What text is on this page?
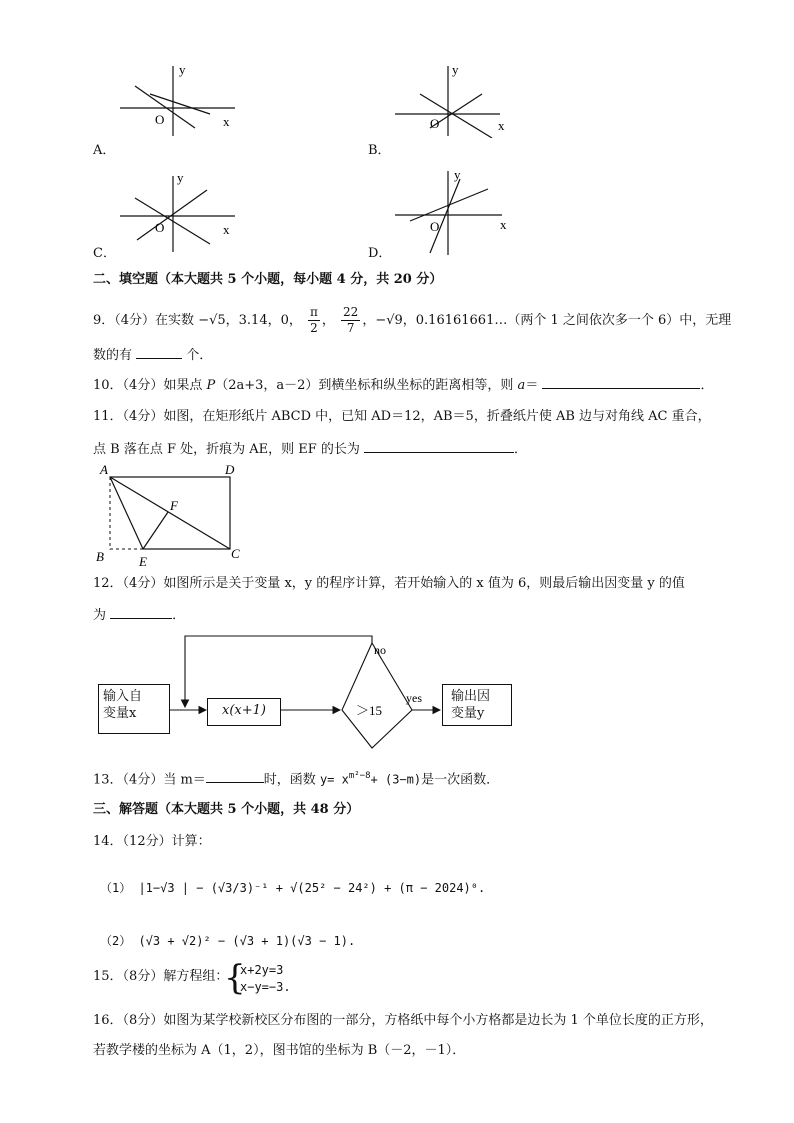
y
x
O
A．
y
x
O
B．
y
x
O
C．
y
x
O
D．
二、填空题（本大题共 5 个小题，每小题 4 分，共 20 分）
9．（4分）在实数 −√5，3.14，0， $\frac{\pi}{2}$ ， $\frac{22}{7}$ ，−√9，0.16161661…（两个 1 之间依次多一个 6）中，无理
数的有	个．
10．（4分）如果点 P（2a+3，a－2）到横坐标和纵坐标的距离相等，则 a＝	．
11．（4分）如图，在矩形纸片 ABCD 中，已知 AD＝12，AB＝5，折叠纸片使 AB 边与对角线 AC 重合，
点 B 落在点 F 处，折痕为 AE，则 EF 的长为	．
A	D
B	E
C
F
12．（4分）如图所示是关于变量 x，y 的程序计算，若开始输入的 x 值为 6，则最后输出因变量 y 的值
为	．
no
yes
＞15
输入自
变量x	x(x+1)
输出因
变量y
13．（4分）当 m＝	时，函数 $y= x^{m^2-8}+ (3-m)$是一次函数．
三、解答题（本大题共 5 个小题，共 48 分）
14．（12分）计算：
（1） |1−√3 | − (√3/3)⁻¹ + √(25² − 24²) + (π − 2024)⁰.
（2） (√3 + √2)² − (√3 + 1)(√3 − 1).
15．（8分）解方程组：
{
x+2y=3
x−y=−3.
16．（8分）如图为某学校新校区分布图的一部分，方格纸中每个小方格都是边长为 1 个单位长度的正方形，
若教学楼的坐标为 A（1，2），图书馆的坐标为 B（－2，－1）．
